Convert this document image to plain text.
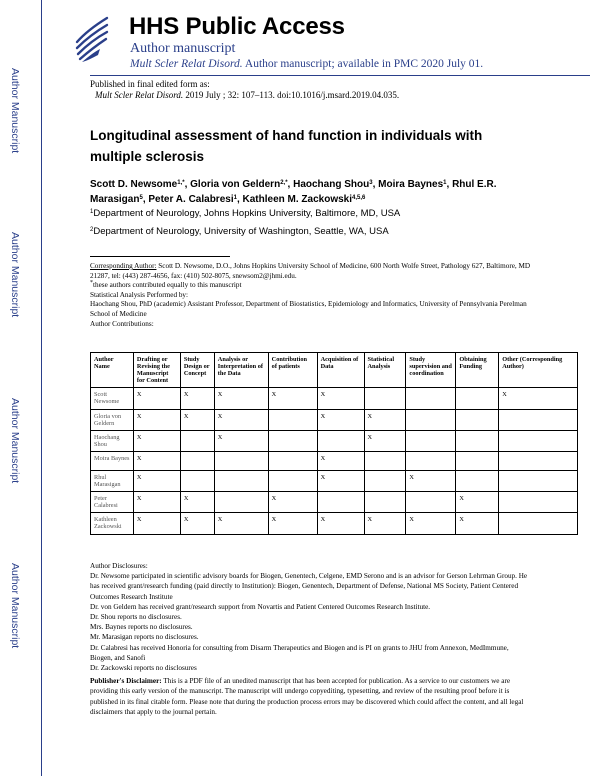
Author Manuscript
Author Manuscript
Author Manuscript
Author Manuscript
HHS Public Access
Author manuscript
Mult Scler Relat Disord. Author manuscript; available in PMC 2020 July 01.
Published in final edited form as:
Mult Scler Relat Disord. 2019 July ; 32: 107–113. doi:10.1016/j.msard.2019.04.035.
Longitudinal assessment of hand function in individuals with multiple sclerosis
Scott D. Newsome$^{1,*}$, Gloria von Geldern$^{2,*}$, Haochang Shou$^3$, Moira Baynes$^1$, Rhul E.R. Marasigan$^5$, Peter A. Calabresi$^1$, Kathleen M. Zackowski$^{4,5,6}$
$^1$Department of Neurology, Johns Hopkins University, Baltimore, MD, USA
$^2$Department of Neurology, University of Washington, Seattle, WA, USA
Corresponding Author: Scott D. Newsome, D.O., Johns Hopkins University School of Medicine, 600 North Wolfe Street, Pathology 627, Baltimore, MD 21287, tel: (443) 287-4656, fax: (410) 502-8075, snewsom2@jhmi.edu.
*these authors contributed equally to this manuscript
Statistical Analysis Performed by:
Haochang Shou, PhD (academic) Assistant Professor, Department of Biostatistics, Epidemiology and Informatics, University of Pennsylvania Perelman School of Medicine
Author Contributions:
Author Name	Drafting or Revising the Manuscript for Content	Study Design or Concept	Analysis or Interpretation of the Data	Contribution of patients	Acquisition of Data	Statistical Analysis	Study supervision and coordination	Obtaining Funding	Other (Corresponding Author)
Scott Newsome	X	X	X	X	X				X
Gloria von Geldern	X	X	X		X	X			
Haochang Shou	X		X			X			
Moira Baynes	X				X				
Rhul Marasigan	X				X		X		
Peter Calabresi	X	X		X				X	
Kathleen Zackowski	X	X	X	X	X	X	X	X	
Author Disclosures:
Dr. Newsome participated in scientific advisory boards for Biogen, Genentech, Celgene, EMD Serono and is an advisor for Gerson Lehrman Group. He has received grant/research funding (paid directly to Institution): Biogen, Genentech, Department of Defense, National MS Society, Patient Centered Outcomes Research Institute
Dr. von Geldern has received grant/research support from Novartis and Patient Centered Outcomes Research Institute.
Dr. Shou reports no disclosures.
Mrs. Baynes reports no disclosures.
Mr. Marasigan reports no disclosures.
Dr. Calabresi has received Honoria for consulting from Disarm Therapeutics and Biogen and is PI on grants to JHU from Annexon, MedImmune, Biogen, and Sanofi
Dr. Zackowski reports no disclosures
Publisher's Disclaimer: This is a PDF file of an unedited manuscript that has been accepted for publication. As a service to our customers we are providing this early version of the manuscript. The manuscript will undergo copyediting, typesetting, and review of the resulting proof before it is published in its final citable form. Please note that during the production process errors may be discovered which could affect the content, and all legal disclaimers that apply to the journal pertain.
